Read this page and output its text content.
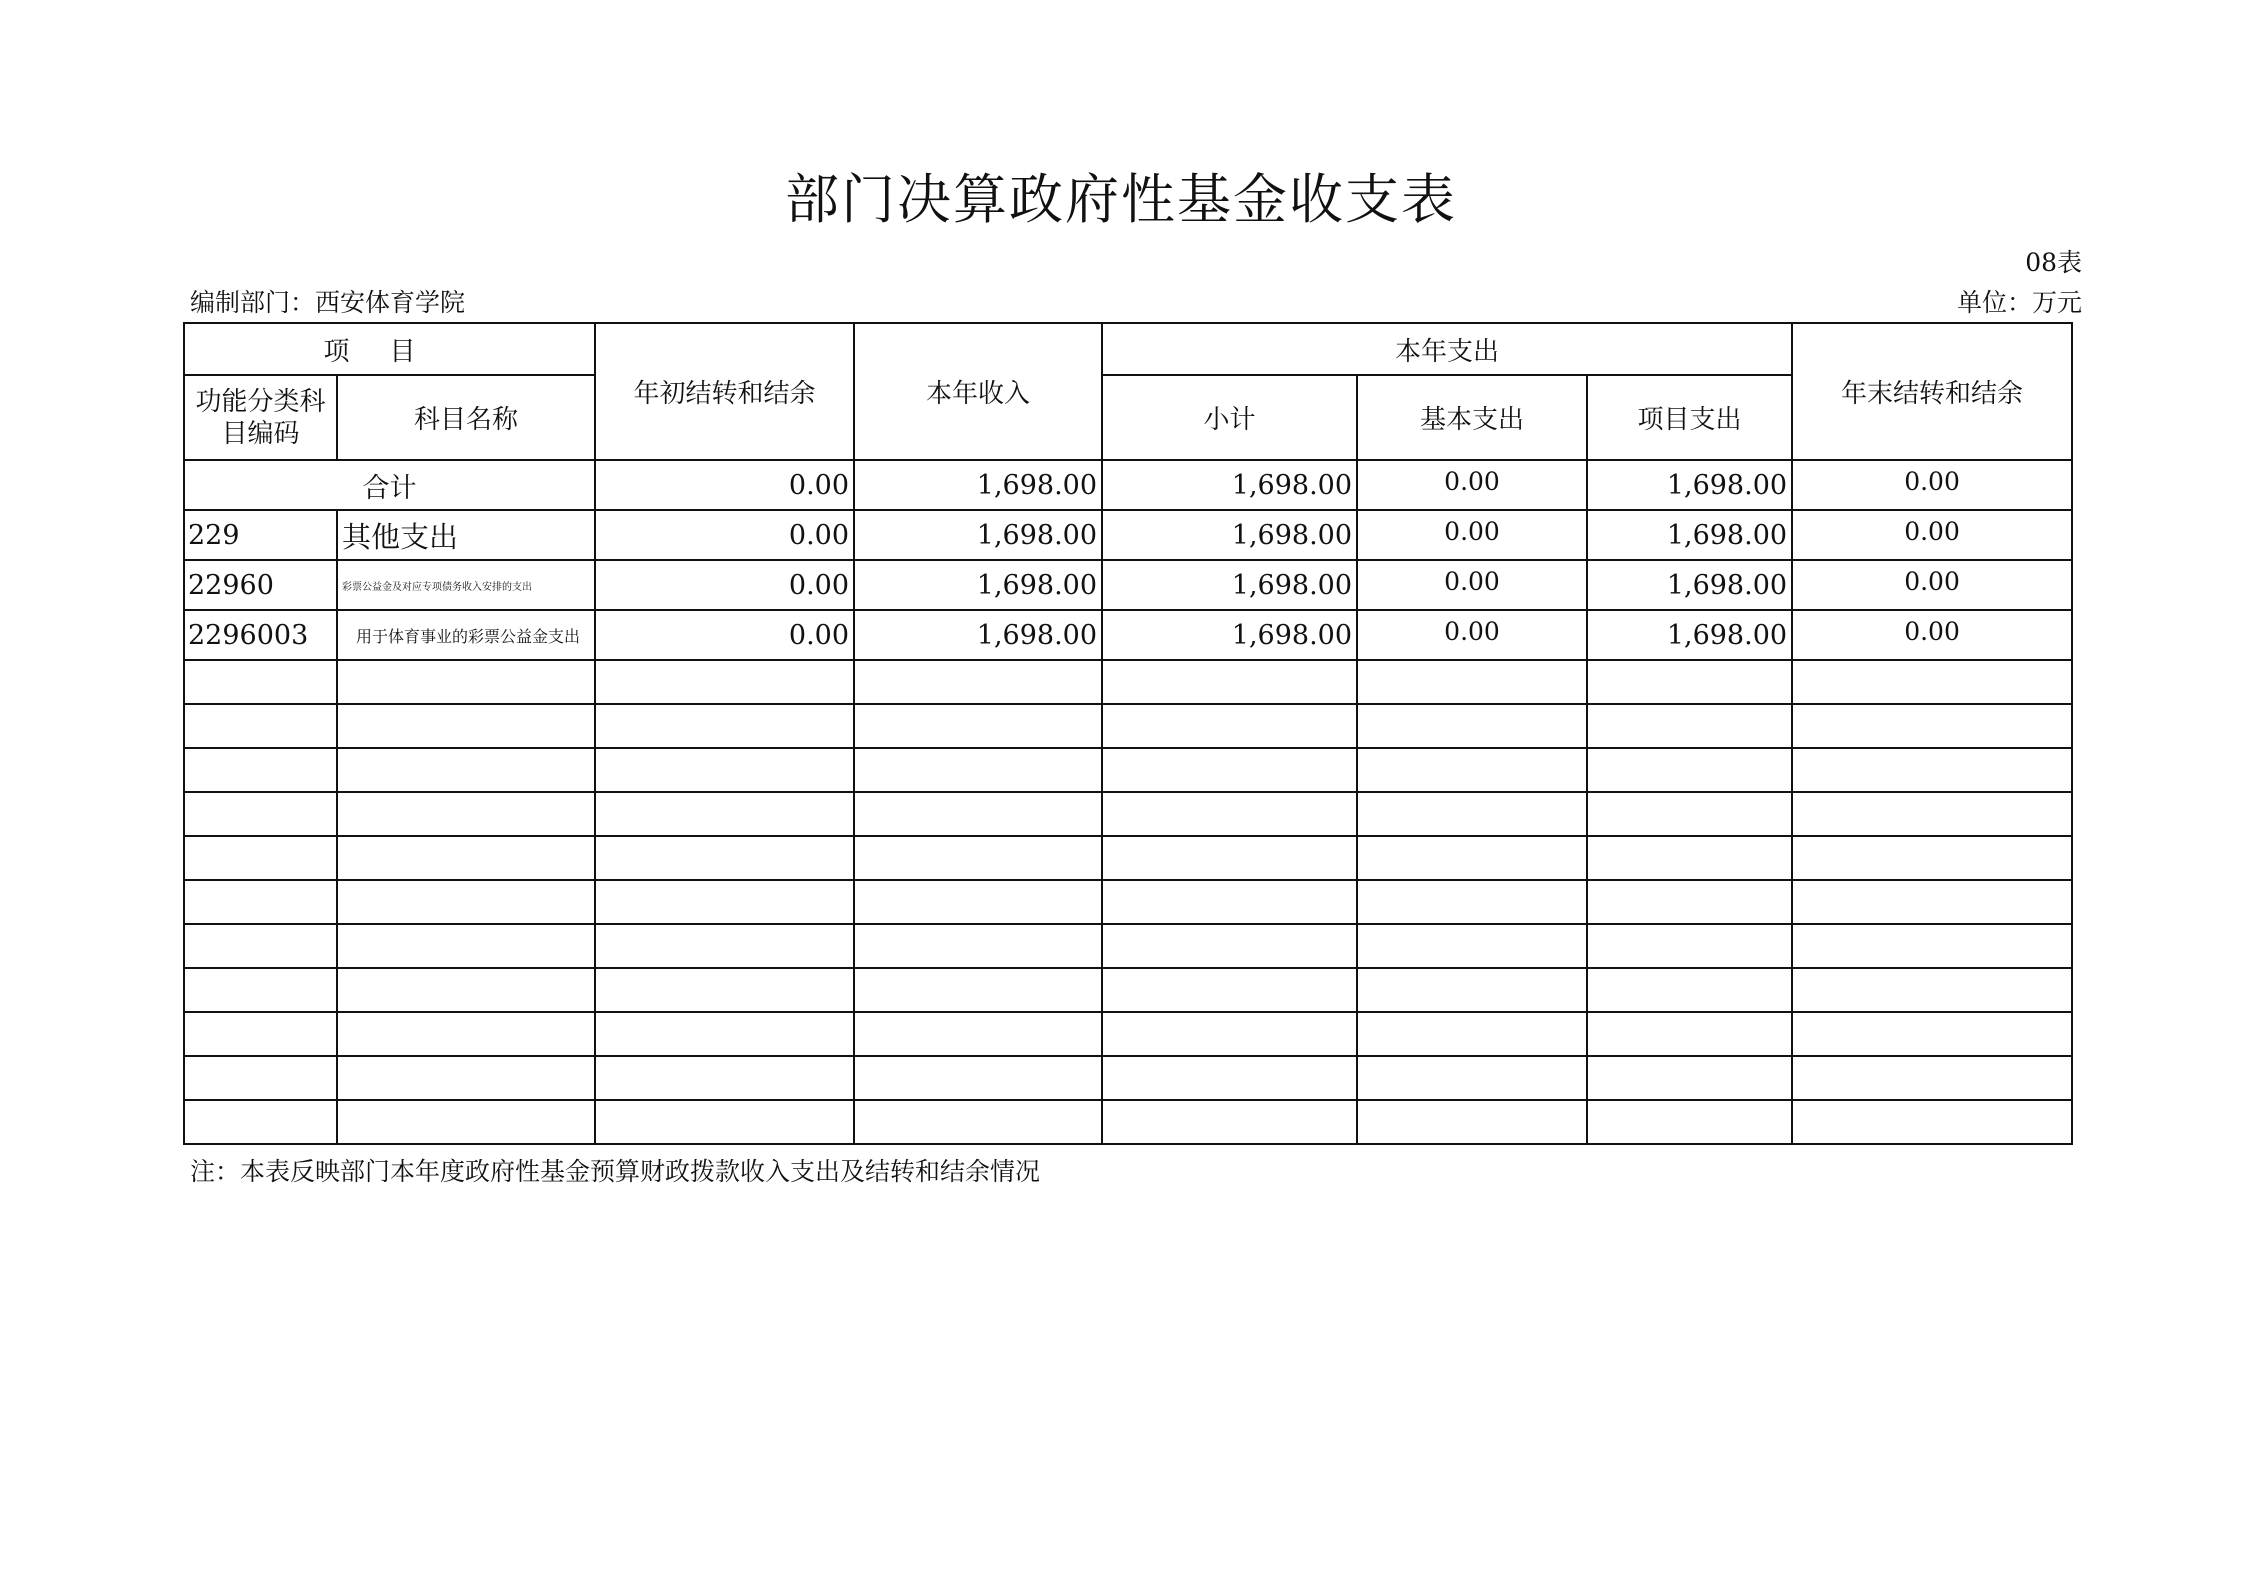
部门决算政府性基金收支表
08表
编制部门：西安体育学院	单位：万元
项目		年初结转和结余	本年收入	本年支出			年末结转和结余
功能分类科目编码	科目名称			小计	基本支出	项目支出	
合计		0.00	1,698.00	1,698.00	0.00	1,698.00	0.00
229	其他支出	0.00	1,698.00	1,698.00	0.00	1,698.00	0.00
22960	彩票公益金及对应专项债务收入安排的支出	0.00	1,698.00	1,698.00	0.00	1,698.00	0.00
2296003	用于体育事业的彩票公益金支出	0.00	1,698.00	1,698.00	0.00	1,698.00	0.00

注：本表反映部门本年度政府性基金预算财政拨款收入支出及结转和结余情况
